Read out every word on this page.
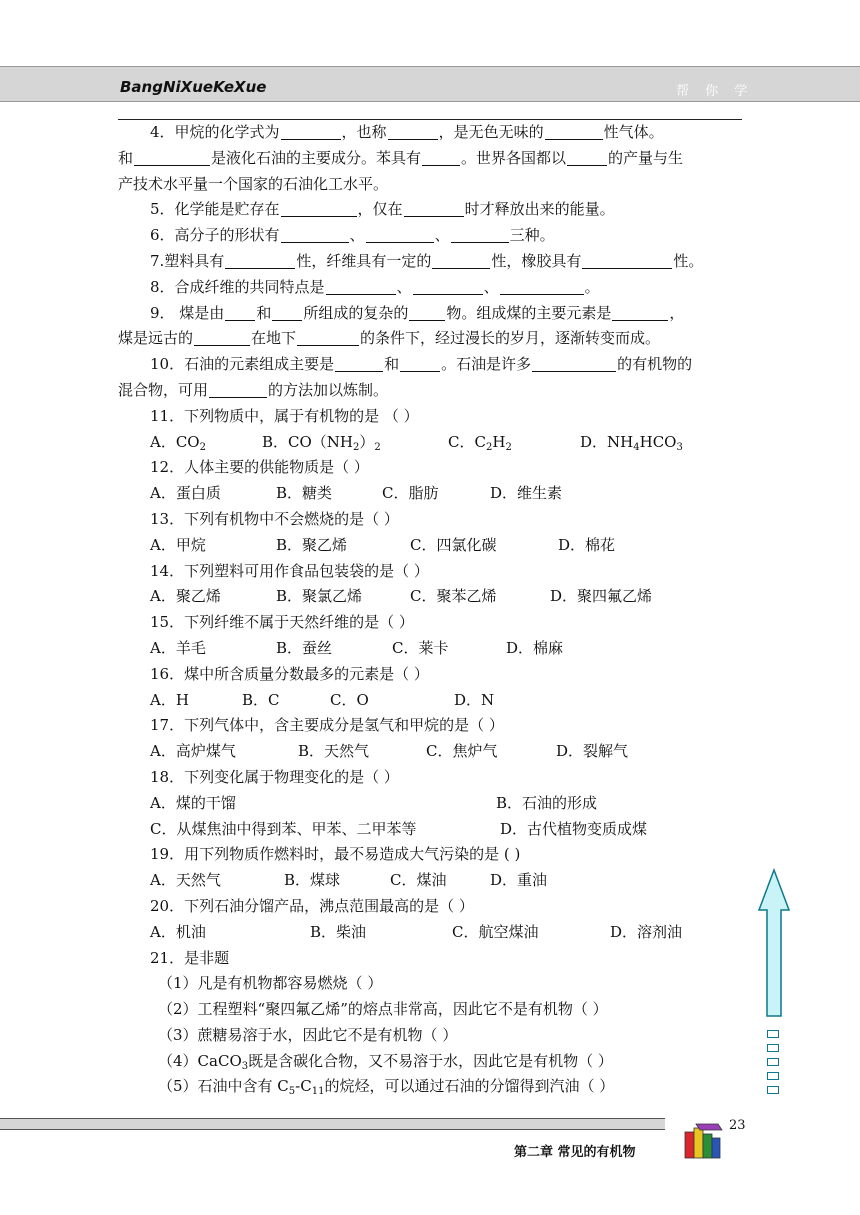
BangNiXueKeXue	帮 你 学
4．甲烷的化学式为	，也称	，是无色无味的	性气体。
和	是液化石油的主要成分。苯具有	。世界各国都以	的产量与生
产技术水平量一个国家的石油化工水平。
5．化学能是贮存在	，仅在	时才释放出来的能量。
6．高分子的形状有	、	、	三种。
7.塑料具有	性，纤维具有一定的	性，橡胶具有	性。
8．合成纤维的共同特点是	、	、	。
9． 煤是由 和 所组成的复杂的	物。组成煤的主要元素是	，
煤是远古的	在地下	的条件下，经过漫长的岁月，逐渐转变而成。
10．石油的元素组成主要是	和	。石油是许多	的有机物的
混合物，可用	的方法加以炼制。
11．下列物质中，属于有机物的是 （ ）
A．$CO_2$	B．$CO(NH_2)_2$	C．$C_2H_2$	D．$NH_4HCO_3$
12．人体主要的供能物质是（ ）
A．蛋白质	B．糖类	C．脂肪	D．维生素
13．下列有机物中不会燃烧的是（ ）
A．甲烷	B．聚乙烯	C．四氯化碳	D．棉花
14．下列塑料可用作食品包装袋的是（ ）
A．聚乙烯	B．聚氯乙烯	C．聚苯乙烯	D．聚四氟乙烯
15．下列纤维不属于天然纤维的是（ ）
A．羊毛	B．蚕丝	C．莱卡	D．棉麻
16．煤中所含质量分数最多的元素是（ ）
A．H	B．C	C．O	D．N
17．下列气体中，含主要成分是氢气和甲烷的是（ ）
A．高炉煤气	B．天然气	C．焦炉气	D．裂解气
18．下列变化属于物理变化的是（ ）
A．煤的干馏	B．石油的形成
C．从煤焦油中得到苯、甲苯、二甲苯等	D．古代植物变质成煤
19．用下列物质作燃料时，最不易造成大气污染的是 ( )
A．天然气	B．煤球	C．煤油	D．重油
20．下列石油分馏产品，沸点范围最高的是（ ）
A．机油	B．柴油	C．航空煤油	D．溶剂油
21．是非题
（1）凡是有机物都容易燃烧（ ）
（2）工程塑料“聚四氟乙烯”的熔点非常高，因此它不是有机物（ ）
（3）蔗糖易溶于水，因此它不是有机物（ ）
（4）CaCO$_3$既是含碳化合物，又不易溶于水，因此它是有机物（ ）
（5）石油中含有 $C_5-C_{11}$的烷烃，可以通过石油的分馏得到汽油（ ）
23
第二章 常见的有机物
